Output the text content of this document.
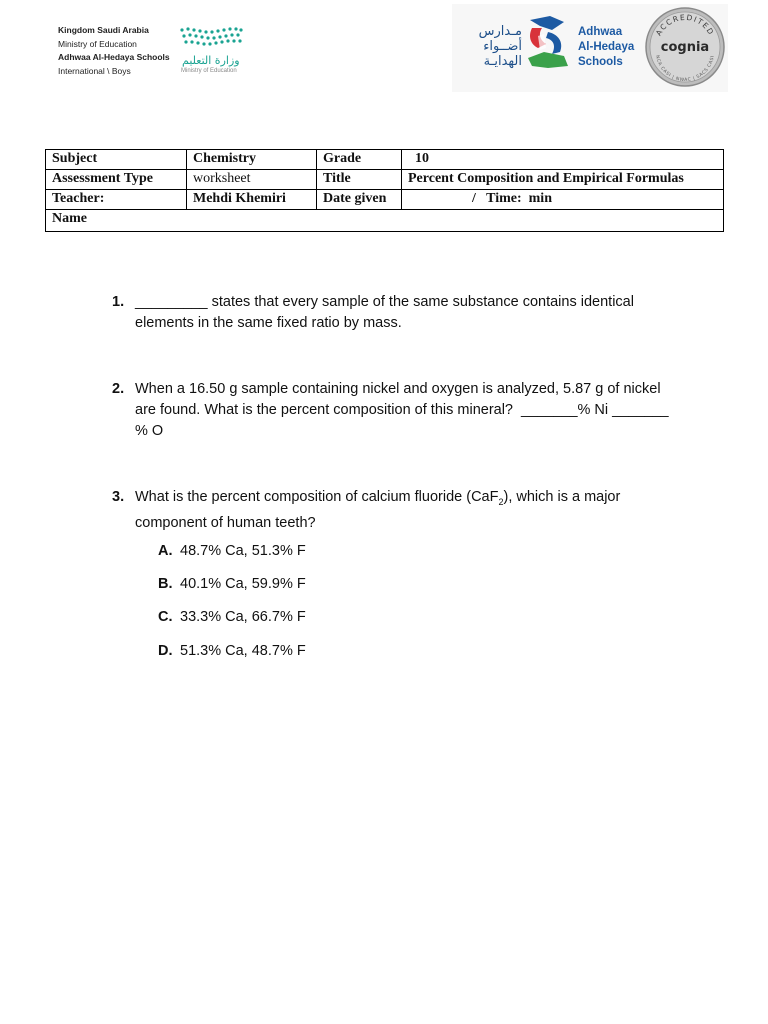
Kingdom Saudi Arabia
Ministry of Education
Adhwaa Al-Hedaya Schools
International \ Boys
وزارة التعليم
Ministry of Education
مـدارس
أضــواء
الهدايـة
Adhwaa
Al-Hedaya
Schools
ACCREDITED
NCA CASI | NWAC | SACS CASI
cognia
Subject	Chemistry	Grade	10
Assessment Type	worksheet	Title	Percent Composition and Empirical Formulas
Teacher:	Mehdi Khemiri	Date given	/   Time:  min
Name			
1. _________ states that every sample of the same substance contains identical elements in the same fixed ratio by mass.
2. When a 16.50 g sample containing nickel and oxygen is analyzed, 5.87 g of nickel are found. What is the percent composition of this mineral?  _______% Ni _______ % O
3. What is the percent composition of calcium fluoride (CaF$_2$), which is a major component of human teeth?
A. 48.7% Ca, 51.3% F
B. 40.1% Ca, 59.9% F
C. 33.3% Ca, 66.7% F
D. 51.3% Ca, 48.7% F
